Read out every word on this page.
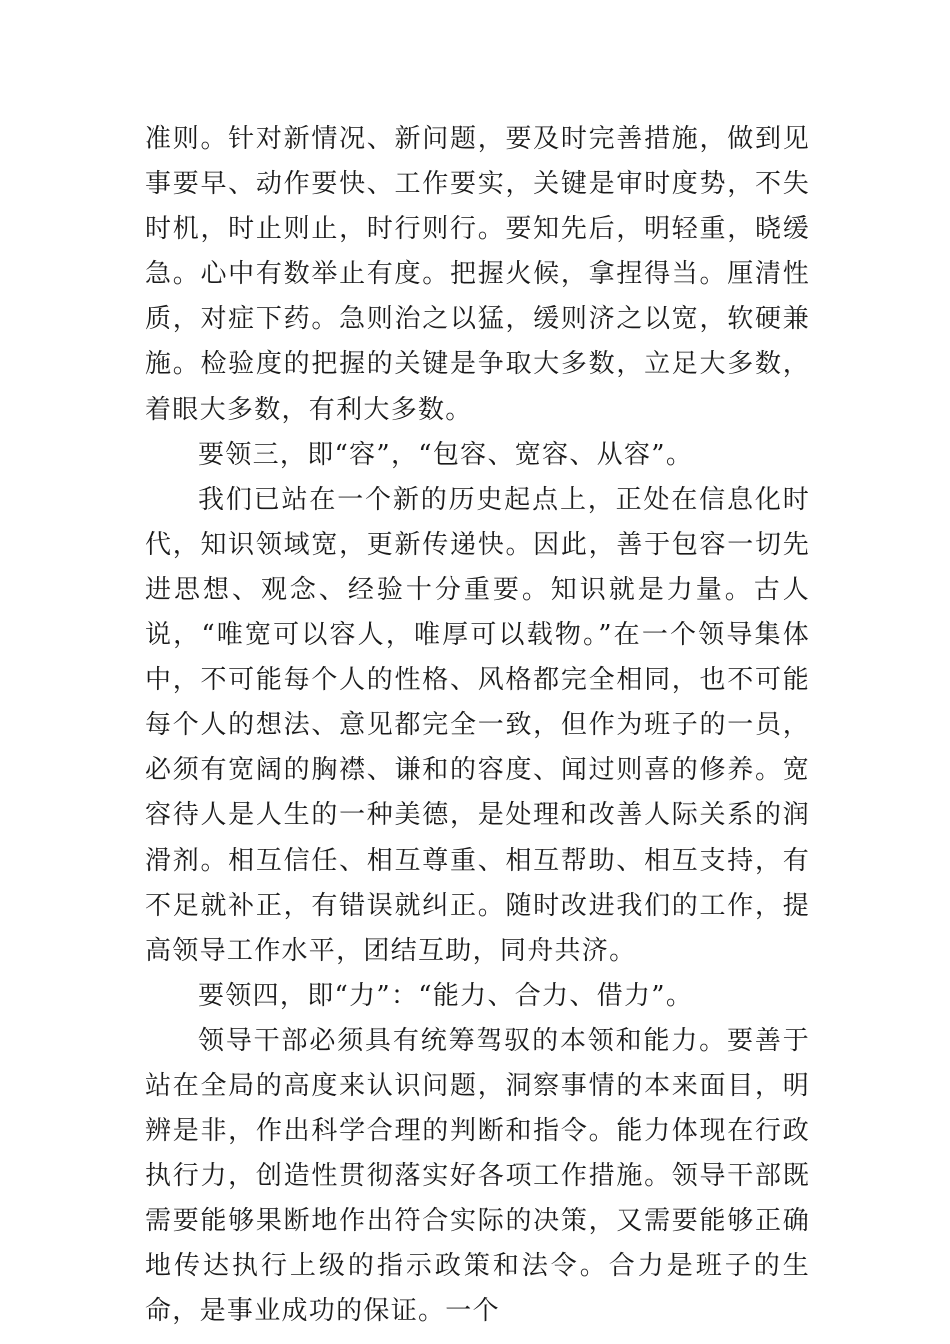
准则。针对新情况、新问题，要及时完善措施，做到见事要早、动作要快、工作要实，关键是审时度势，不失时机，时止则止，时行则行。要知先后，明轻重，晓缓急。心中有数举止有度。把握火候，拿捏得当。厘清性质，对症下药。急则治之以猛，缓则济之以宽，软硬兼施。检验度的把握的关键是争取大多数，立足大多数，着眼大多数，有利大多数。

要领三，即“容”，“包容、宽容、从容”。

我们已站在一个新的历史起点上，正处在信息化时代，知识领域宽，更新传递快。因此，善于包容一切先进思想、观念、经验十分重要。知识就是力量。古人说，“唯宽可以容人，唯厚可以载物。”在一个领导集体中，不可能每个人的性格、风格都完全相同，也不可能每个人的想法、意见都完全一致，但作为班子的一员，必须有宽阔的胸襟、谦和的容度、闻过则喜的修养。宽容待人是人生的一种美德，是处理和改善人际关系的润滑剂。相互信任、相互尊重、相互帮助、相互支持，有不足就补正，有错误就纠正。随时改进我们的工作，提高领导工作水平，团结互助，同舟共济。

要领四，即“力”：“能力、合力、借力”。

领导干部必须具有统筹驾驭的本领和能力。要善于站在全局的高度来认识问题，洞察事情的本来面目，明辨是非，作出科学合理的判断和指令。能力体现在行政执行力，创造性贯彻落实好各项工作措施。领导干部既需要能够果断地作出符合实际的决策，又需要能够正确地传达执行上级的指示政策和法令。合力是班子的生命，是事业成功的保证。一个
